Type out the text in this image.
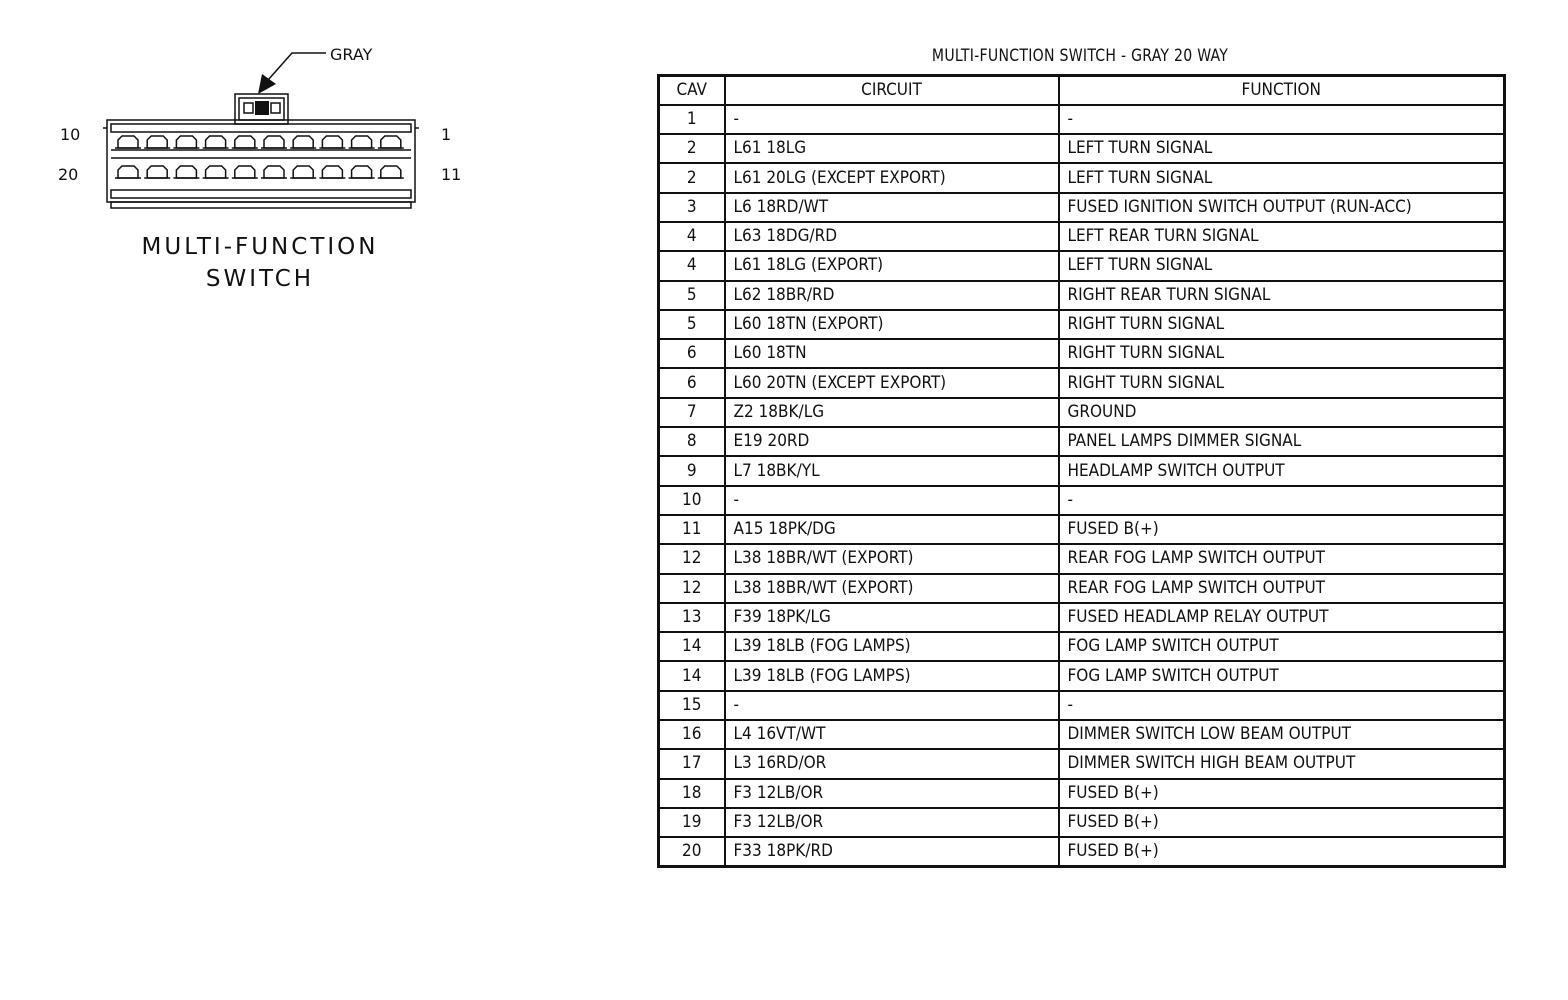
GRAY
10	1
20	11
MULTI-FUNCTION
SWITCH
MULTI-FUNCTION SWITCH - GRAY 20 WAY
CAV	CIRCUIT	FUNCTION
1	-	-
2	L61 18LG	LEFT TURN SIGNAL
2	L61 20LG (EXCEPT EXPORT)	LEFT TURN SIGNAL
3	L6 18RD/WT	FUSED IGNITION SWITCH OUTPUT (RUN-ACC)
4	L63 18DG/RD	LEFT REAR TURN SIGNAL
4	L61 18LG (EXPORT)	LEFT TURN SIGNAL
5	L62 18BR/RD	RIGHT REAR TURN SIGNAL
5	L60 18TN (EXPORT)	RIGHT TURN SIGNAL
6	L60 18TN	RIGHT TURN SIGNAL
6	L60 20TN (EXCEPT EXPORT)	RIGHT TURN SIGNAL
7	Z2 18BK/LG	GROUND
8	E19 20RD	PANEL LAMPS DIMMER SIGNAL
9	L7 18BK/YL	HEADLAMP SWITCH OUTPUT
10	-	-
11	A15 18PK/DG	FUSED B(+)
12	L38 18BR/WT (EXPORT)	REAR FOG LAMP SWITCH OUTPUT
12	L38 18BR/WT (EXPORT)	REAR FOG LAMP SWITCH OUTPUT
13	F39 18PK/LG	FUSED HEADLAMP RELAY OUTPUT
14	L39 18LB (FOG LAMPS)	FOG LAMP SWITCH OUTPUT
14	L39 18LB (FOG LAMPS)	FOG LAMP SWITCH OUTPUT
15	-	-
16	L4 16VT/WT	DIMMER SWITCH LOW BEAM OUTPUT
17	L3 16RD/OR	DIMMER SWITCH HIGH BEAM OUTPUT
18	F3 12LB/OR	FUSED B(+)
19	F3 12LB/OR	FUSED B(+)
20	F33 18PK/RD	FUSED B(+)
